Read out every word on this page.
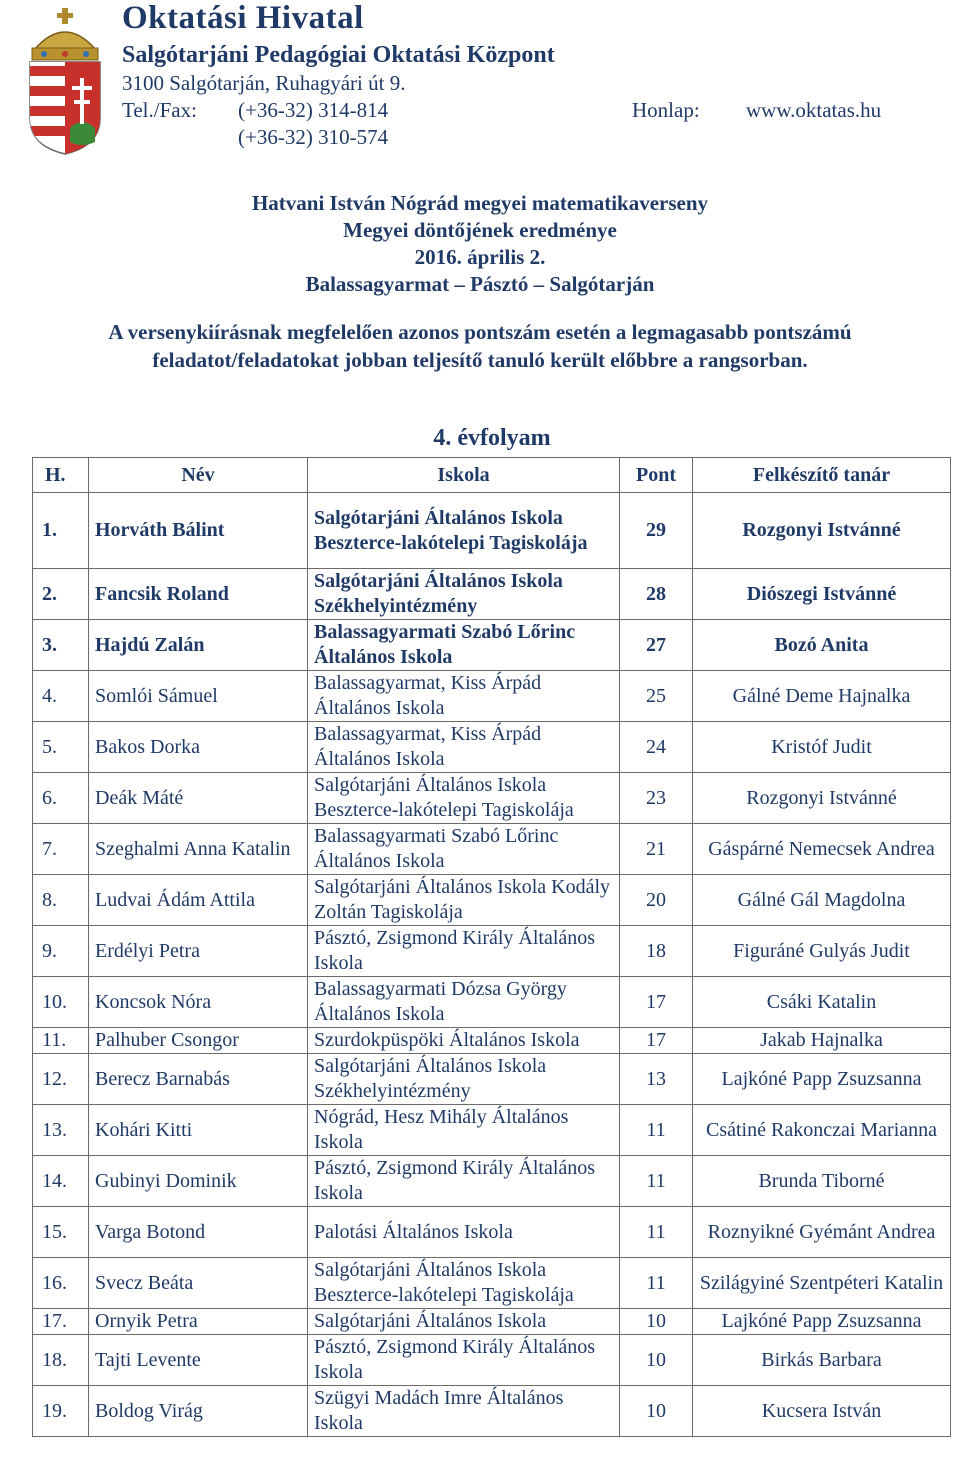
Oktatási Hivatal
Salgótarjáni Pedagógiai Oktatási Központ
3100 Salgótarján, Ruhagyári út 9.
Tel./Fax: (+36-32) 314-814	Honlap: www.oktatas.hu
(+36-32) 310-574
Hatvani István Nógrád megyei matematikaverseny
Megyei döntőjének eredménye
2016. április 2.
Balassagyarmat – Pásztó – Salgótarján
A versenykiírásnak megfelelően azonos pontszám esetén a legmagasabb pontszámú
feladatot/feladatokat jobban teljesítő tanuló került előbbre a rangsorban.
4. évfolyam
H.	Név	Iskola	Pont	Felkészítő tanár
1.	Horváth Bálint	Salgótarjáni Általános Iskola Beszterce-lakótelepi Tagiskolája	29	Rozgonyi Istvánné
2.	Fancsik Roland	Salgótarjáni Általános Iskola Székhelyintézmény	28	Diószegi Istvánné
3.	Hajdú Zalán	Balassagyarmati Szabó Lőrinc Általános Iskola	27	Bozó Anita
4.	Somlói Sámuel	Balassagyarmat, Kiss Árpád Általános Iskola	25	Gálné Deme Hajnalka
5.	Bakos Dorka	Balassagyarmat, Kiss Árpád Általános Iskola	24	Kristóf Judit
6.	Deák Máté	Salgótarjáni Általános Iskola Beszterce-lakótelepi Tagiskolája	23	Rozgonyi Istvánné
7.	Szeghalmi Anna Katalin	Balassagyarmati Szabó Lőrinc Általános Iskola	21	Gáspárné Nemecsek Andrea
8.	Ludvai Ádám Attila	Salgótarjáni Általános Iskola Kodály Zoltán Tagiskolája	20	Gálné Gál Magdolna
9.	Erdélyi Petra	Pásztó, Zsigmond Király Általános Iskola	18	Figuráné Gulyás Judit
10.	Koncsok Nóra	Balassagyarmati Dózsa György Általános Iskola	17	Csáki Katalin
11.	Palhuber Csongor	Szurdokpüspöki Általános Iskola	17	Jakab Hajnalka
12.	Berecz Barnabás	Salgótarjáni Általános Iskola Székhelyintézmény	13	Lajkóné Papp Zsuzsanna
13.	Kohári Kitti	Nógrád, Hesz Mihály Általános Iskola	11	Csátiné Rakonczai Marianna
14.	Gubinyi Dominik	Pásztó, Zsigmond Király Általános Iskola	11	Brunda Tiborné
15.	Varga Botond	Palotási Általános Iskola	11	Roznyikné Gyémánt Andrea
16.	Svecz Beáta	Salgótarjáni Általános Iskola Beszterce-lakótelepi Tagiskolája	11	Szilágyiné Szentpéteri Katalin
17.	Ornyik Petra	Salgótarjáni Általános Iskola	10	Lajkóné Papp Zsuzsanna
18.	Tajti Levente	Pásztó, Zsigmond Király Általános Iskola	10	Birkás Barbara
19.	Boldog Virág	Szügyi Madách Imre Általános Iskola	10	Kucsera István
